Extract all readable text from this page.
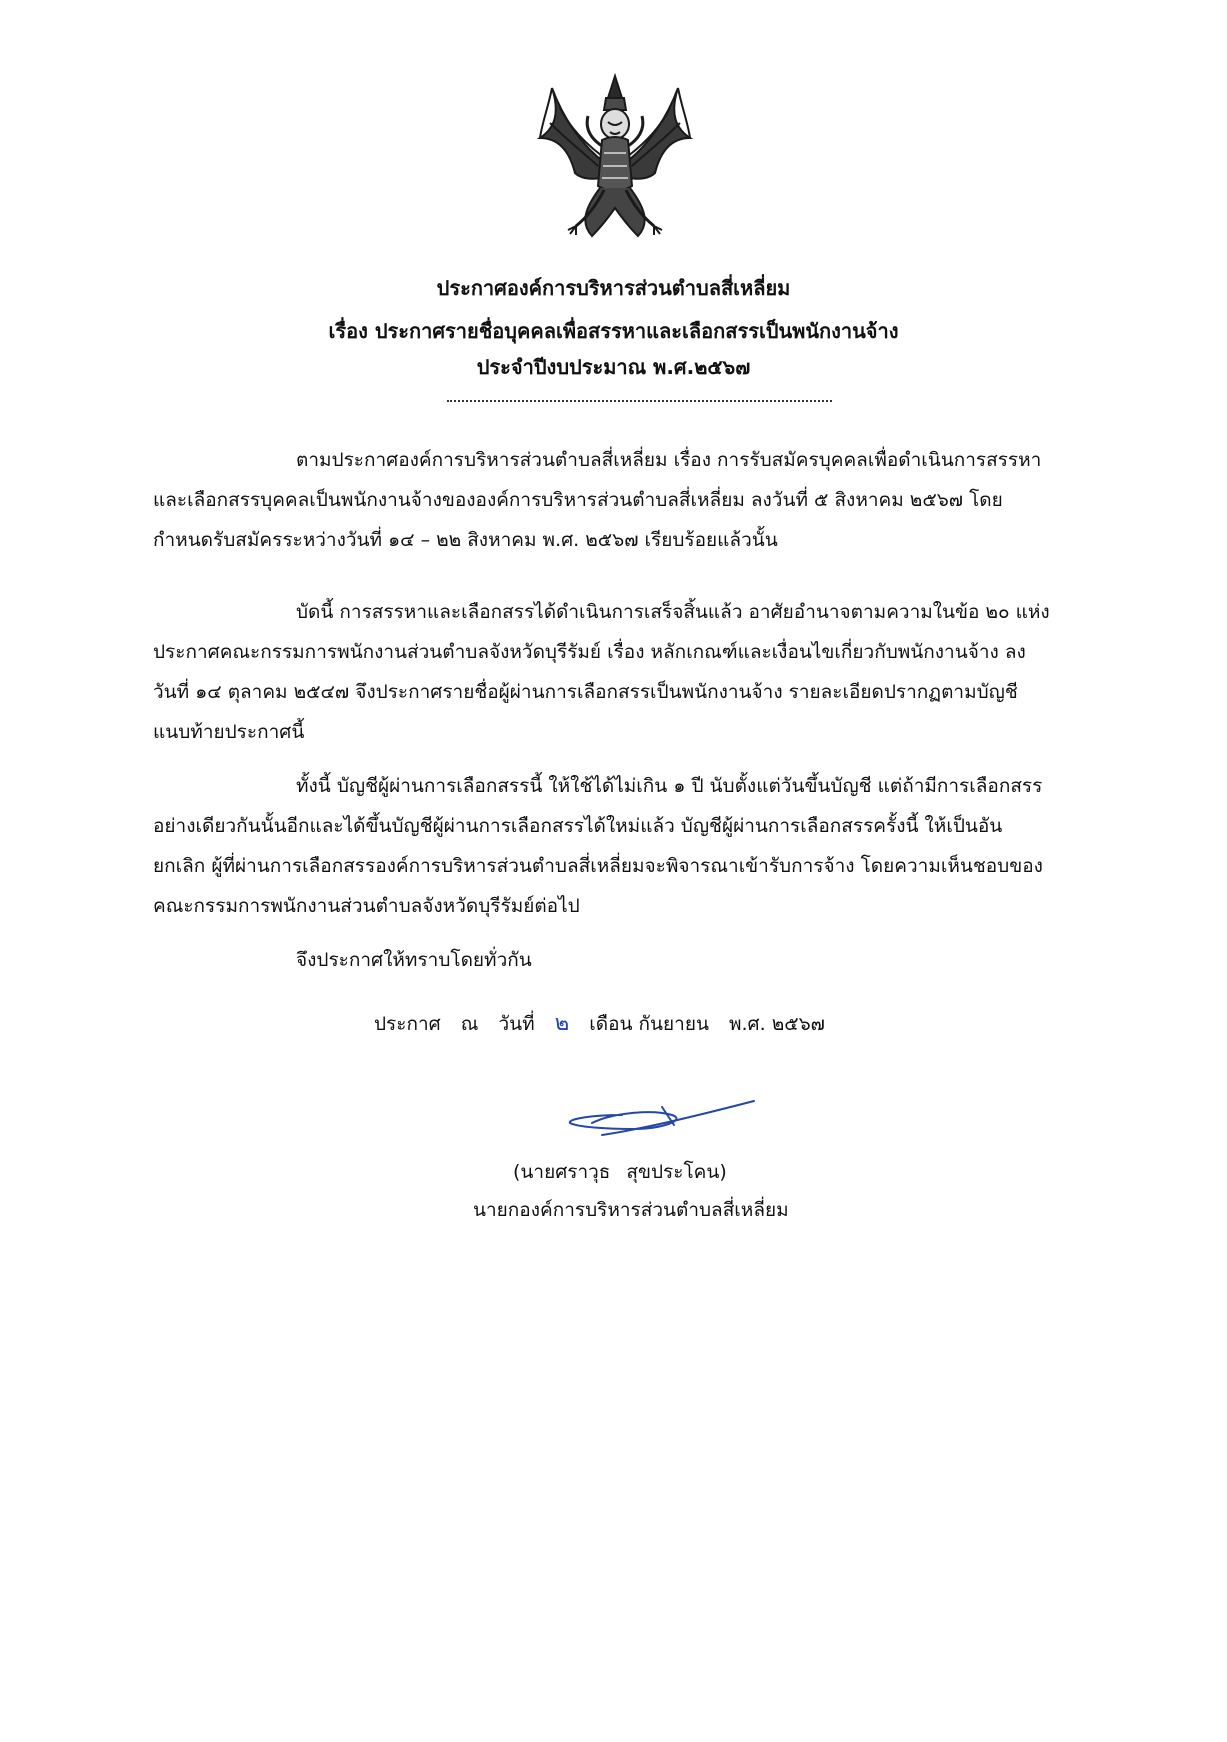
ประกาศองค์การบริหารส่วนตำบลสี่เหลี่ยม
เรื่อง ประกาศรายชื่อบุคคลเพื่อสรรหาและเลือกสรรเป็นพนักงานจ้าง
ประจำปีงบประมาณ พ.ศ.๒๕๖๗
ตามประกาศองค์การบริหารส่วนตำบลสี่เหลี่ยม เรื่อง การรับสมัครบุคคลเพื่อดำเนินการสรรหา
และเลือกสรรบุคคลเป็นพนักงานจ้างขององค์การบริหารส่วนตำบลสี่เหลี่ยม ลงวันที่ ๕ สิงหาคม ๒๕๖๗ โดย
กำหนดรับสมัครระหว่างวันที่ ๑๔ – ๒๒ สิงหาคม พ.ศ. ๒๕๖๗ เรียบร้อยแล้วนั้น
บัดนี้ การสรรหาและเลือกสรรได้ดำเนินการเสร็จสิ้นแล้ว อาศัยอำนาจตามความในข้อ ๒๐ แห่ง
ประกาศคณะกรรมการพนักงานส่วนตำบลจังหวัดบุรีรัมย์ เรื่อง หลักเกณฑ์และเงื่อนไขเกี่ยวกับพนักงานจ้าง ลง
วันที่ ๑๔ ตุลาคม ๒๕๔๗ จึงประกาศรายชื่อผู้ผ่านการเลือกสรรเป็นพนักงานจ้าง รายละเอียดปรากฏตามบัญชี
แนบท้ายประกาศนี้
ทั้งนี้ บัญชีผู้ผ่านการเลือกสรรนี้ ให้ใช้ได้ไม่เกิน ๑ ปี นับตั้งแต่วันขึ้นบัญชี แต่ถ้ามีการเลือกสรร
อย่างเดียวกันนั้นอีกและได้ขึ้นบัญชีผู้ผ่านการเลือกสรรได้ใหม่แล้ว บัญชีผู้ผ่านการเลือกสรรครั้งนี้ ให้เป็นอัน
ยกเลิก ผู้ที่ผ่านการเลือกสรรองค์การบริหารส่วนตำบลสี่เหลี่ยมจะพิจารณาเข้ารับการจ้าง โดยความเห็นชอบของ
คณะกรรมการพนักงานส่วนตำบลจังหวัดบุรีรัมย์ต่อไป
จึงประกาศให้ทราบโดยทั่วกัน
ประกาศ ณ วันที่ ๒ เดือน กันยายน พ.ศ. ๒๕๖๗
(นายศราวุธ สุขประโคน)
นายกองค์การบริหารส่วนตำบลสี่เหลี่ยม
